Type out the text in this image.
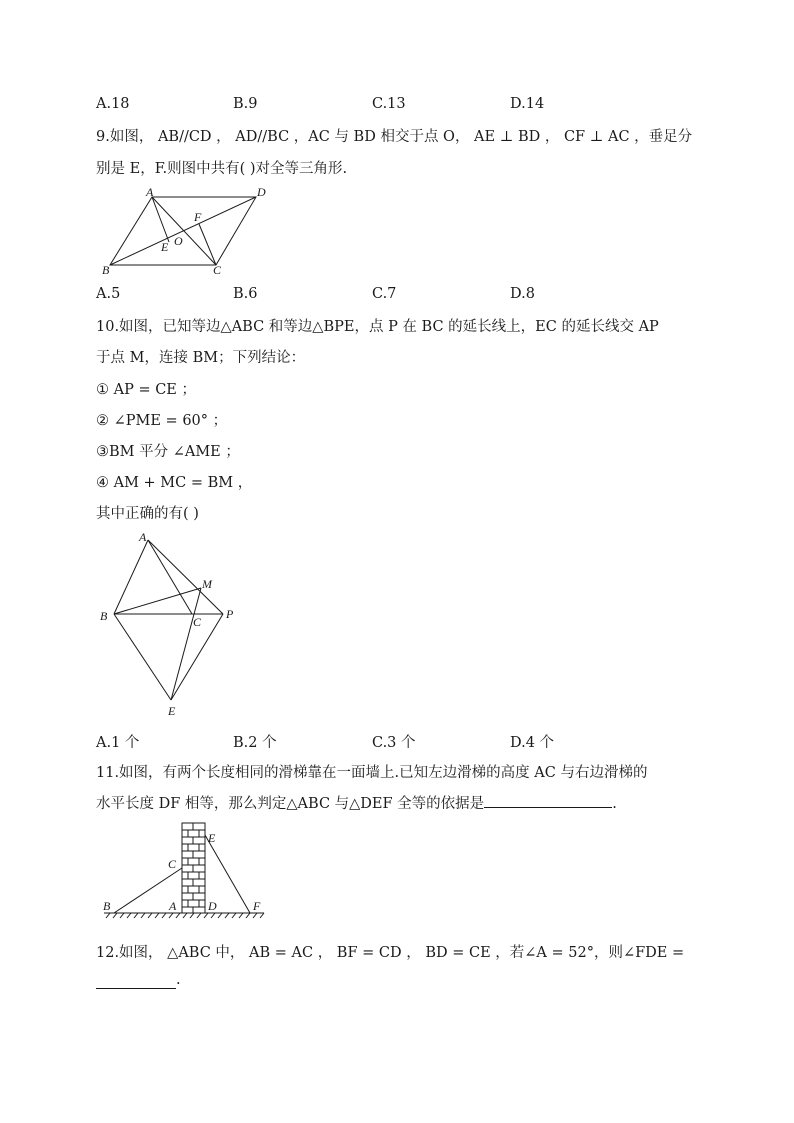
A.18	B.9	C.13	D.14
9.如图， AB//CD ， AD//BC ，AC 与 BD 相交于点 O， AE ⊥ BD ， CF ⊥ AC ，垂足分
别是 E，F.则图中共有( )对全等三角形.
A	D
F
O
E
B	C
A.5	B.6	C.7	D.8
10.如图，已知等边△ABC 和等边△BPE，点 P 在 BC 的延长线上，EC 的延长线交 AP
于点 M，连接 BM；下列结论：
① AP = CE ；
② ∠PME = 60° ；
③BM 平分 ∠AME ；
④ AM + MC = BM ，
其中正确的有( )
A
M
B	C
P
E
A.1 个	B.2 个	C.3 个	D.4 个
11.如图，有两个长度相同的滑梯靠在一面墙上.已知左边滑梯的高度 AC 与右边滑梯的
水平长度 DF 相等，那么判定△ABC 与△DEF 全等的依据是	.
E
C
B	A	D	F
12.如图， △ABC 中， AB = AC ， BF = CD ， BD = CE ，若∠A = 52°，则∠FDE =
.
